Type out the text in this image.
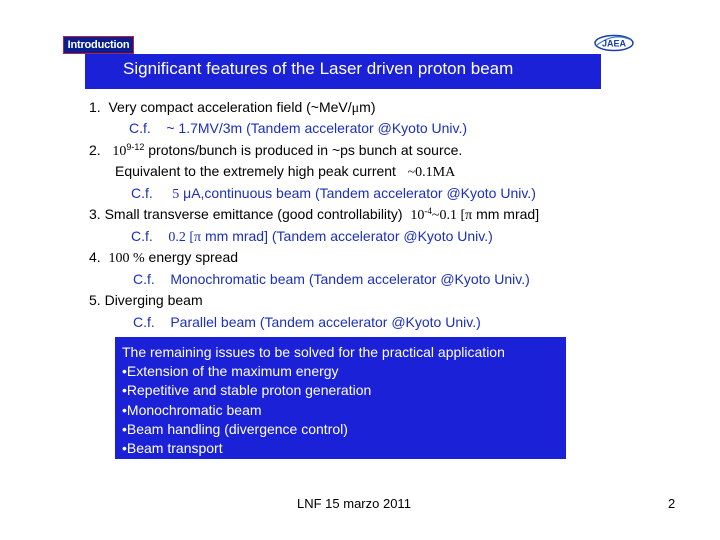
Introduction	JAEA
Significant features of the Laser driven proton beam
1. Very compact acceleration field (~MeV/μm)
C.f. ~ 1.7MV/3m (Tandem accelerator @Kyoto Univ.)
2. 10$^{9-12}$ protons/bunch is produced in ~ps bunch at source.
Equivalent to the extremely high peak current ~0.1MA
C.f. 5 μA,continuous beam (Tandem accelerator @Kyoto Univ.)
3. Small transverse emittance (good controllability) $10^{-4}\sim 0.1$ [π mm mrad]
C.f. 0.2 [π mm mrad] (Tandem accelerator @Kyoto Univ.)
4. 100 % energy spread
C.f. Monochromatic beam (Tandem accelerator @Kyoto Univ.)
5. Diverging beam
C.f. Parallel beam (Tandem accelerator @Kyoto Univ.)
The remaining issues to be solved for the practical application
•Extension of the maximum energy
•Repetitive and stable proton generation
•Monochromatic beam
•Beam handling (divergence control)
•Beam transport
LNF 15 marzo 2011	2
